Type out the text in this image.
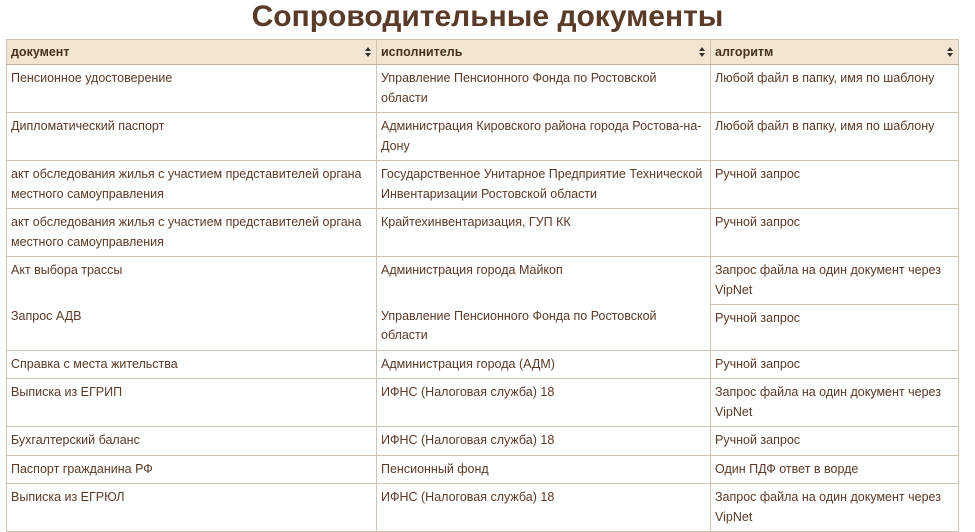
Сопроводительные документы
документ	исполнитель	алгоритм

Пенсионное удостоверение	Управление Пенсионного Фонда по Ростовской области	Любой файл в папку, имя по шаблону
Дипломатический паспорт	Администрация Кировского района города Ростова-на-Дону	Любой файл в папку, имя по шаблону
акт обследования жилья с участием представителей органа местного самоуправления	Государственное Унитарное Предприятие Технической Инвентаризации Ростовской области	Ручной запрос
акт обследования жилья с участием представителей органа местного самоуправления	Крайтехинвентаризация, ГУП КК	Ручной запрос
Акт выбора трассы	Администрация города Майкоп	Запрос файла на один документ через VipNet
Запрос АДВ	Управление Пенсионного Фонда по Ростовской области	Ручной запрос
Справка с места жительства	Администрация города (АДМ)	Ручной запрос
Выписка из ЕГРИП	ИФНС (Налоговая служба) 18	Запрос файла на один документ через VipNet
Бухгалтерский баланс	ИФНС (Налоговая служба) 18	Ручной запрос
Паспорт гражданина РФ	Пенсионный фонд	Один ПДФ ответ в ворде
Выписка из ЕГРЮЛ	ИФНС (Налоговая служба) 18	Запрос файла на один документ через VipNet
